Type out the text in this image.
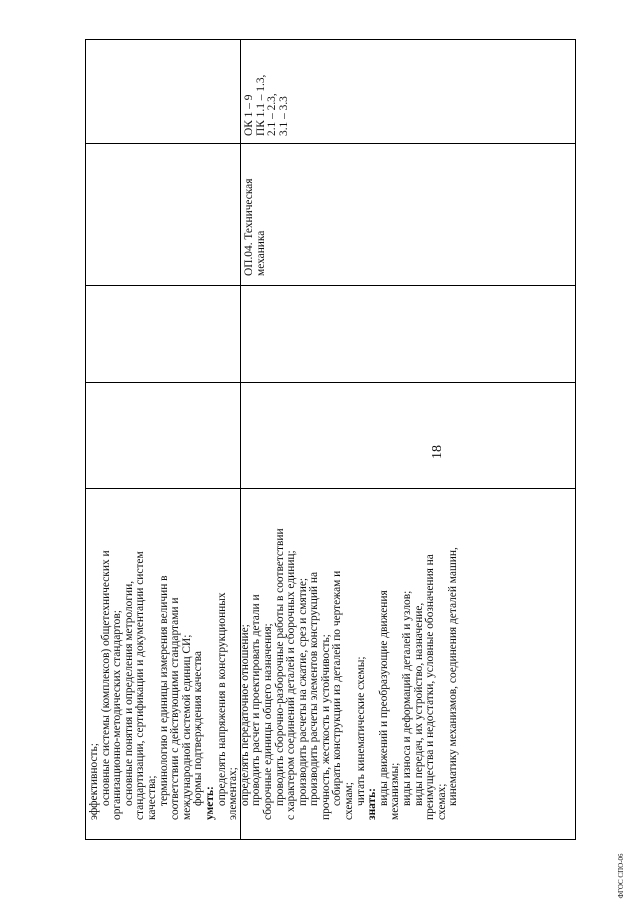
18
эффективность; основные системы (комплексов) общетехнических и организационно-методических стандартов; основные понятия и определения метрологии, стандартизации, сертификации и документации систем качества; терминологию и единицы измерения величин в соответствии с действующими стандартами и международной системой единиц СИ; формы подтверждения качества уметь: определять напряжения в конструкционных элементах; определять передаточное отношение; проводить расчет и проектировать детали и сборочные единицы общего назначения; проводить сборочно-разборочные работы в соответствии с характером соединений деталей и сборочных единиц; производить расчеты на сжатие, срез и смятие; производить расчеты элементов конструкций на прочность, жесткость и устойчивость; собирать конструкции из деталей по чертежам и схемам; читать кинематические схемы; знать: виды движений и преобразующие движения механизмы; виды износа и деформаций деталей и узлов; виды передач, их устройство, назначение, преимущества и недостатки, условные обозначения на схемах; кинематику механизмов, соединения деталей машин,
ОП.04. Техническая механика
ОК 1 – 9 ПК 1.1 – 1.3, 2.1 – 2.3, 3.1 – 3.3
ФГОС СПО-06
